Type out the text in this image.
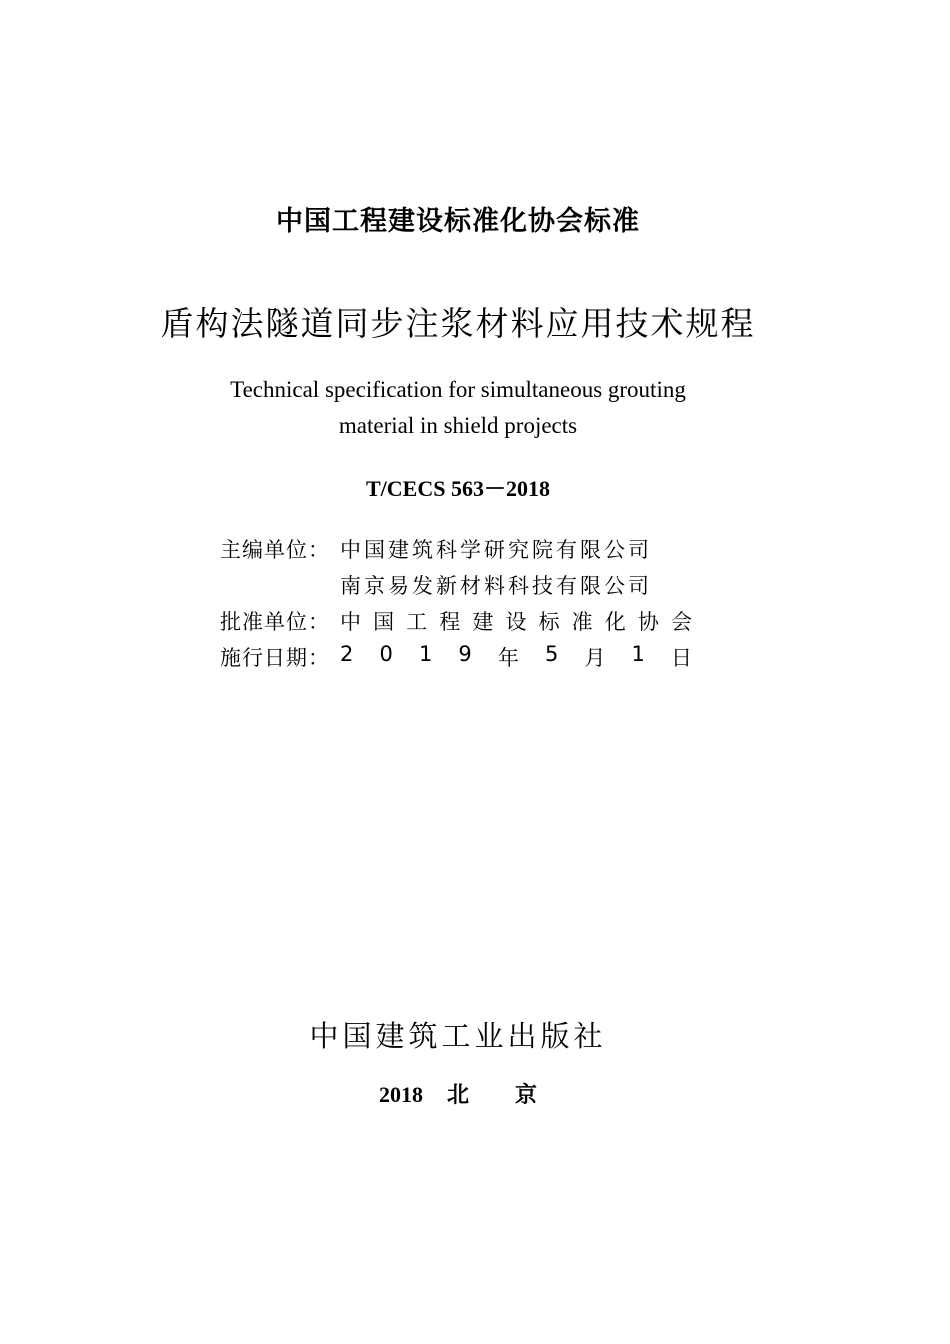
中国工程建设标准化协会标准
盾构法隧道同步注浆材料应用技术规程
Technical specification for simultaneous grouting
material in shield projects
T/CECS 563－2018
主编单位： 中国建筑科学研究院有限公司
南京易发新材料科技有限公司
批准单位： 中 国 工 程 建 设 标 准 化 协 会
施行日期： 2 0 1 9 年 5 月 1 日
中国建筑工业出版社
2018 北 京
